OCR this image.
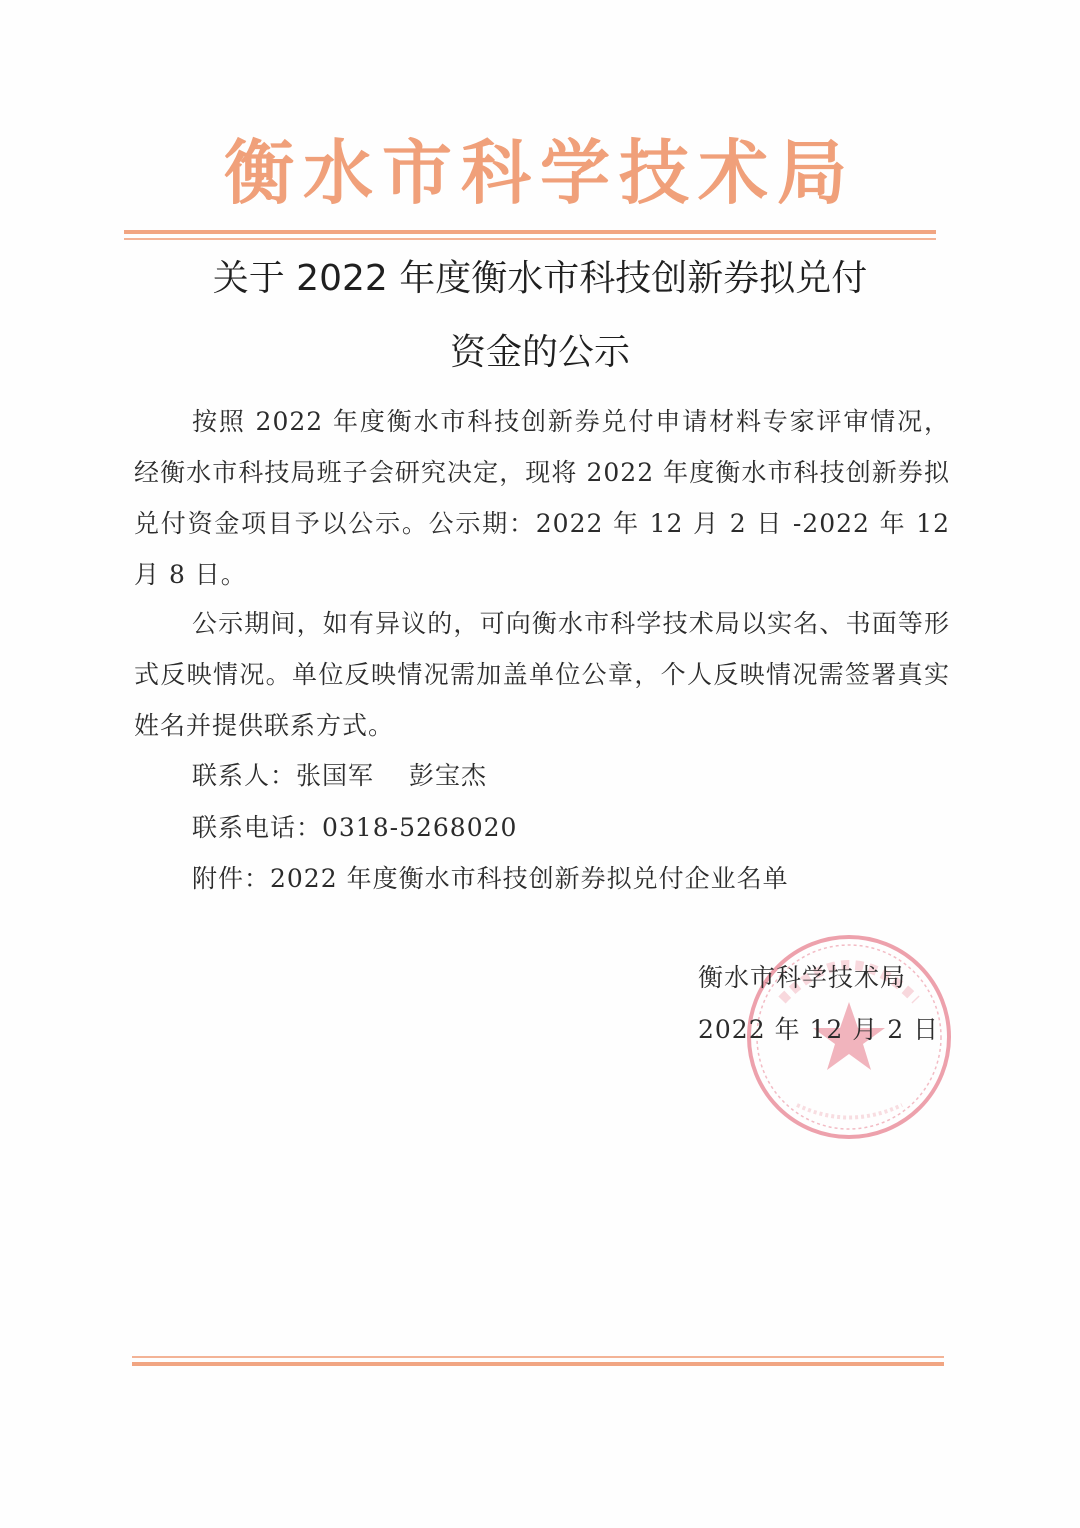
衡水市科学技术局
关于 2022 年度衡水市科技创新券拟兑付
资金的公示
按照 2022 年度衡水市科技创新券兑付申请材料专家评审情况，经衡水市科技局班子会研究决定，现将 2022 年度衡水市科技创新券拟兑付资金项目予以公示。公示期：2022 年 12 月 2 日 -2022 年 12 月 8 日。
公示期间，如有异议的，可向衡水市科学技术局以实名、书面等形式反映情况。单位反映情况需加盖单位公章，个人反映情况需签署真实姓名并提供联系方式。
联系人：张国军　 彭宝杰
联系电话：0318-5268020
附件：2022 年度衡水市科技创新券拟兑付企业名单
衡水市科学技术局
2022 年 12 月 2 日
